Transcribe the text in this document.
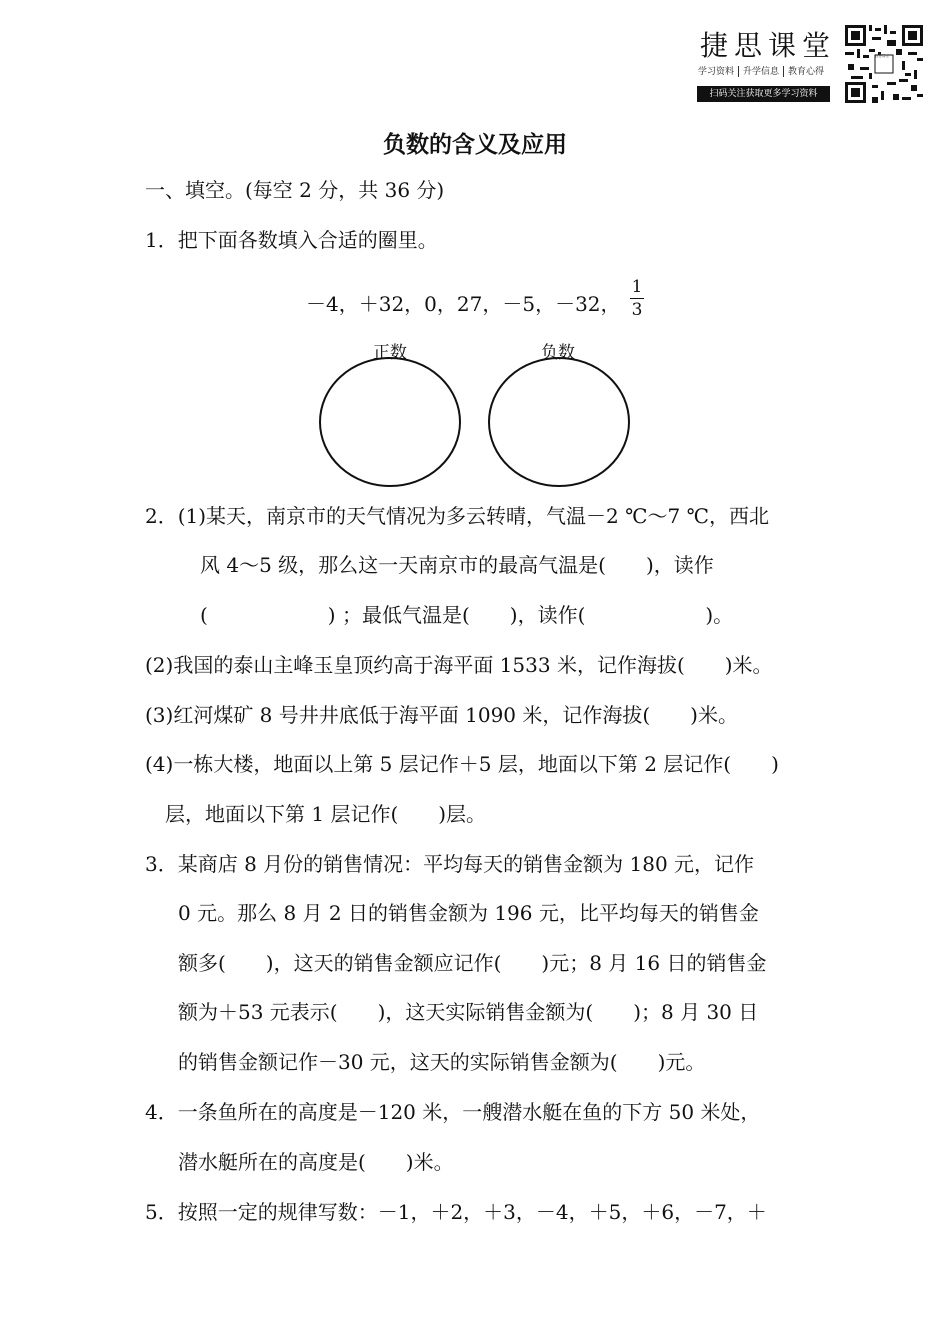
捷思课堂
学习资料 升学信息 教育心得
扫码关注获取更多学习资料
捷思课堂
负数的含义及应用
一、填空。(每空 2 分，共 36 分)
1．把下面各数填入合适的圈里。
－4，＋32，0，27，－5，－32，
1
3
正数	负数
2．(1)某天，南京市的天气情况为多云转晴，气温－2 ℃～7 ℃，西北
风 4～5 级，那么这一天南京市的最高气温是(　　)，读作
(　　　　　　) ；最低气温是(　　)，读作(　　　　　　)。
(2)我国的泰山主峰玉皇顶约高于海平面 1533 米，记作海拔(　　)米。
(3)红河煤矿 8 号井井底低于海平面 1090 米，记作海拔(　　)米。
(4)一栋大楼，地面以上第 5 层记作＋5 层，地面以下第 2 层记作(　　)
层，地面以下第 1 层记作(　　)层。
3．某商店 8 月份的销售情况：平均每天的销售金额为 180 元，记作
0 元。那么 8 月 2 日的销售金额为 196 元，比平均每天的销售金
额多(　　)，这天的销售金额应记作(　　)元；8 月 16 日的销售金
额为＋53 元表示(　　)，这天实际销售金额为(　　)；8 月 30 日
的销售金额记作－30 元，这天的实际销售金额为(　　)元。
4．一条鱼所在的高度是－120 米，一艘潜水艇在鱼的下方 50 米处，
潜水艇所在的高度是(　　)米。
5．按照一定的规律写数：－1，＋2，＋3，－4，＋5，＋6，－7，＋
